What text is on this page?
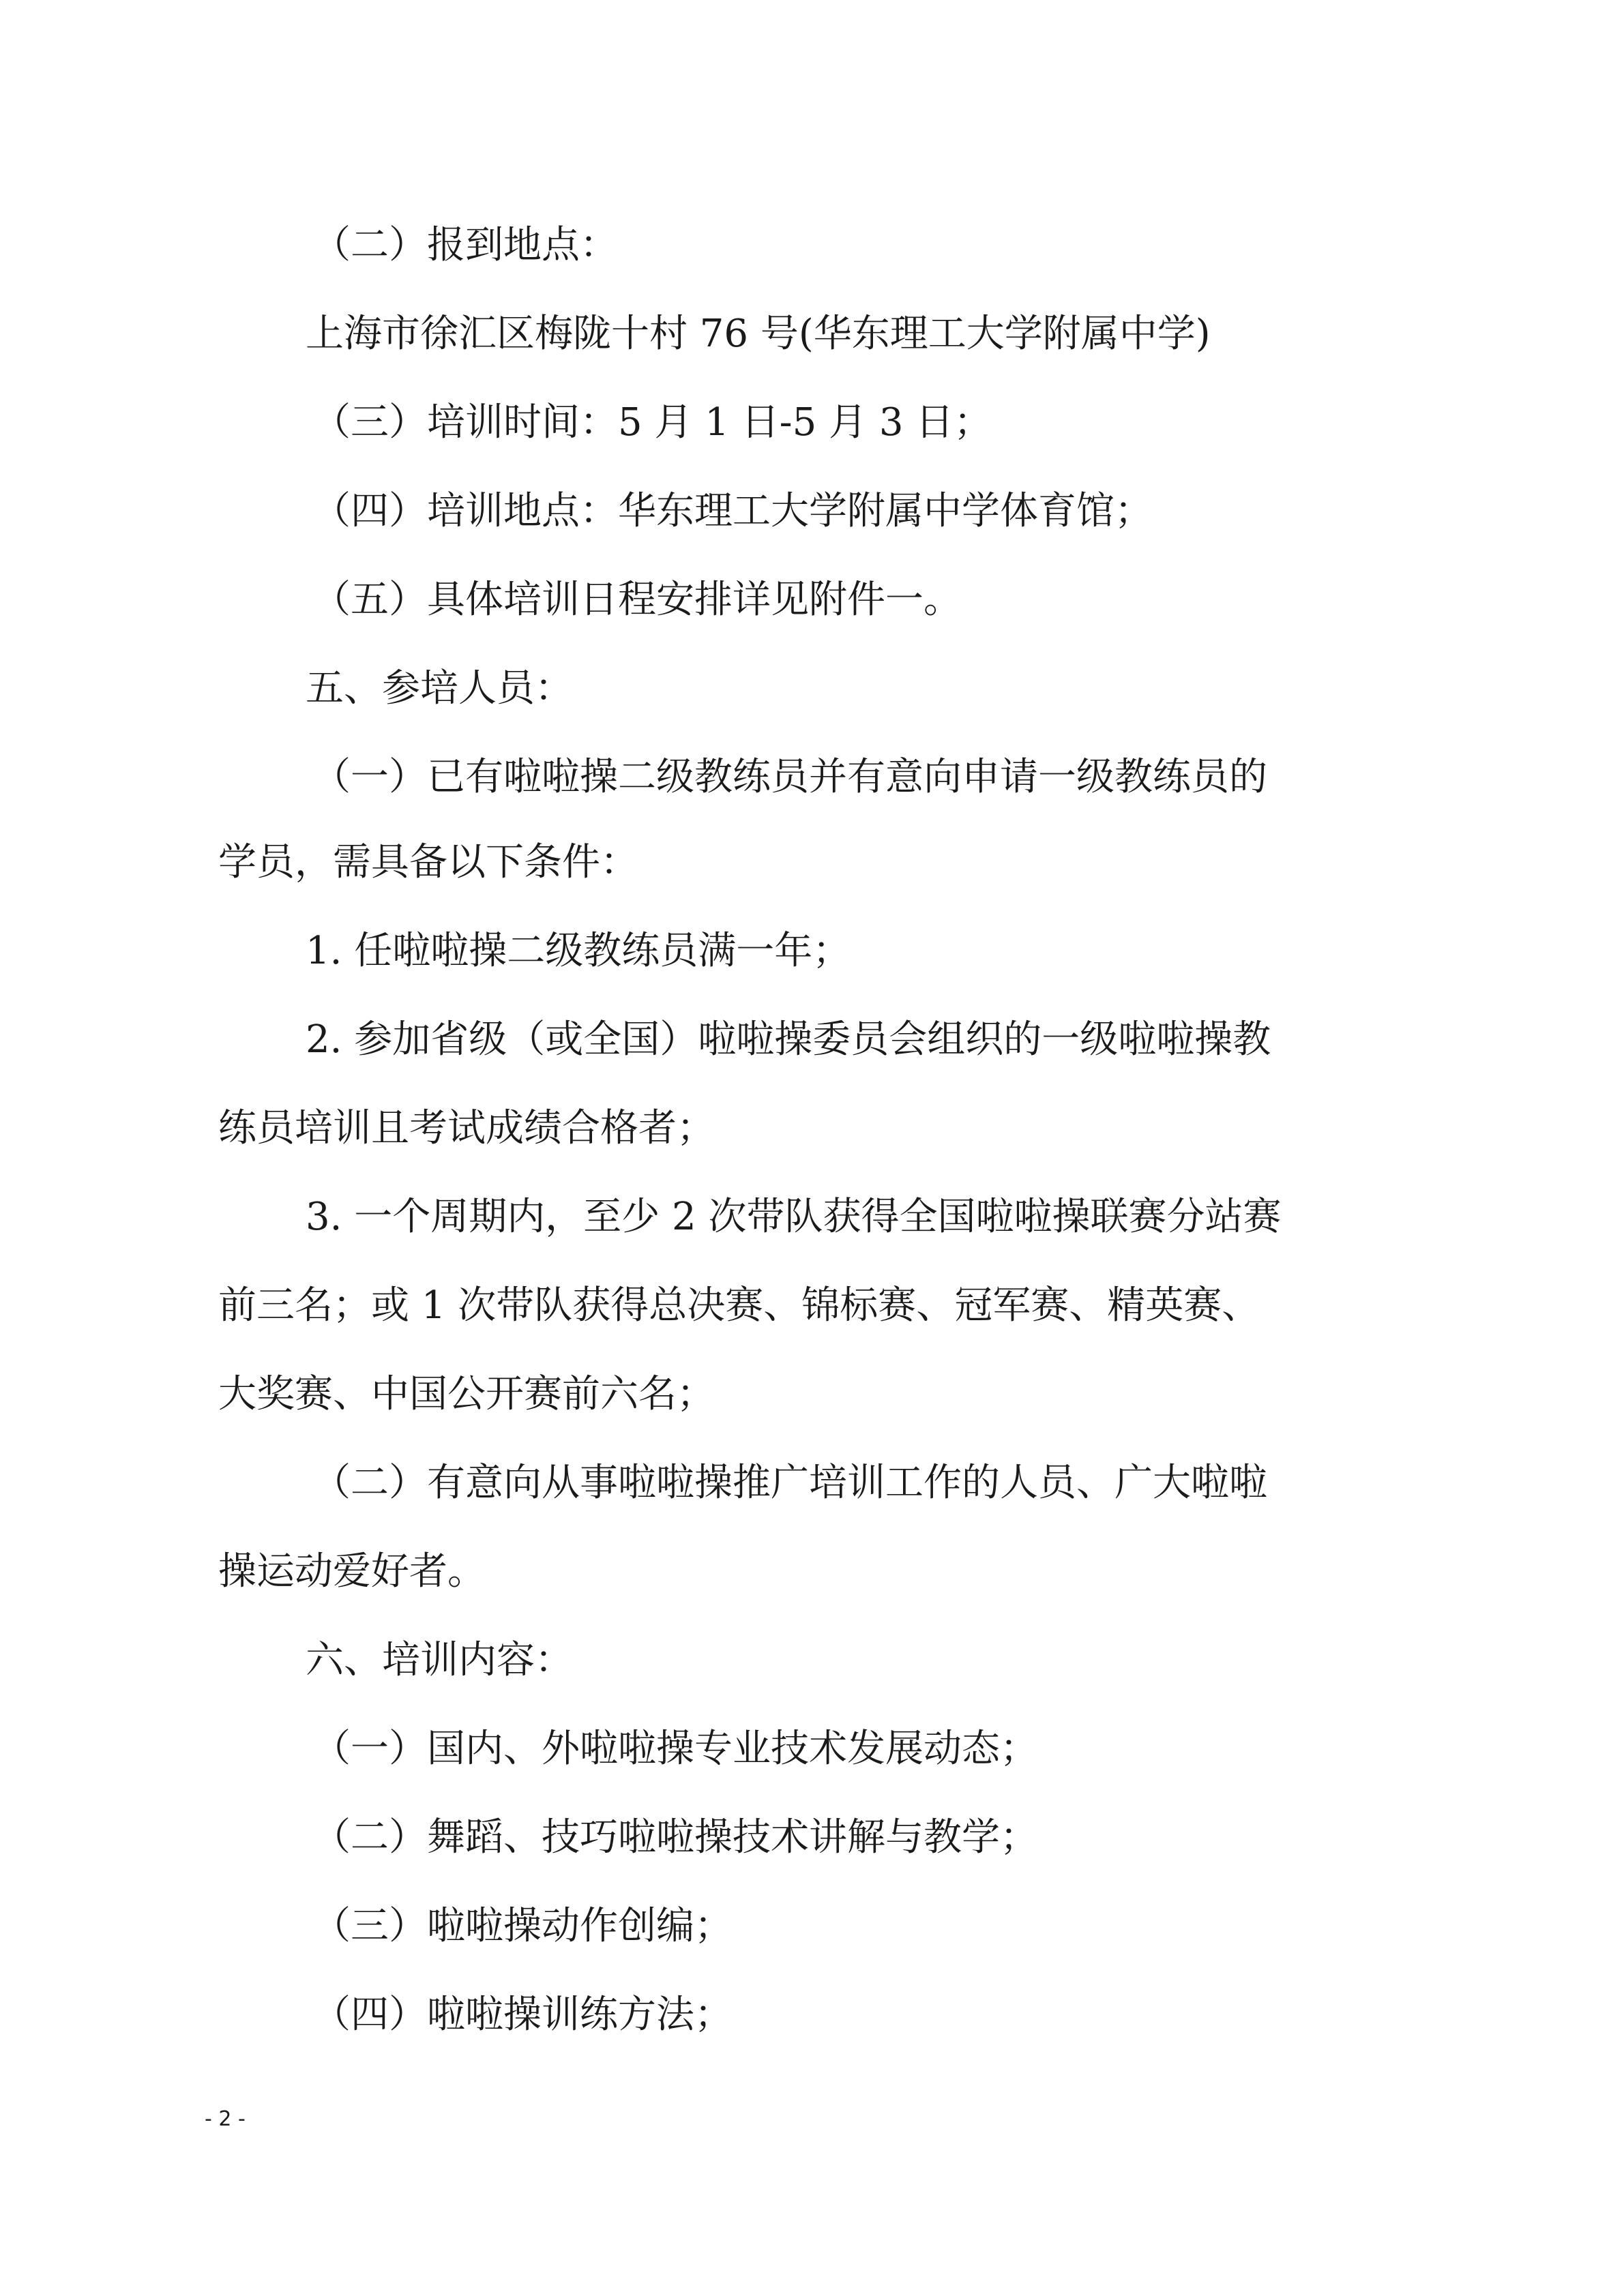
（二）报到地点：

上海市徐汇区梅陇十村 76 号(华东理工大学附属中学)

（三）培训时间：5 月 1 日-5 月 3 日；

（四）培训地点：华东理工大学附属中学体育馆；

（五）具体培训日程安排详见附件一。

五、参培人员：

（一）已有啦啦操二级教练员并有意向申请一级教练员的

学员，需具备以下条件：

1. 任啦啦操二级教练员满一年；

2. 参加省级（或全国）啦啦操委员会组织的一级啦啦操教

练员培训且考试成绩合格者；

3. 一个周期内，至少 2 次带队获得全国啦啦操联赛分站赛

前三名；或 1 次带队获得总决赛、锦标赛、冠军赛、精英赛、

大奖赛、中国公开赛前六名；

（二）有意向从事啦啦操推广培训工作的人员、广大啦啦

操运动爱好者。

六、培训内容：

（一）国内、外啦啦操专业技术发展动态；

（二）舞蹈、技巧啦啦操技术讲解与教学；

（三）啦啦操动作创编；

（四）啦啦操训练方法；

- 2 -
